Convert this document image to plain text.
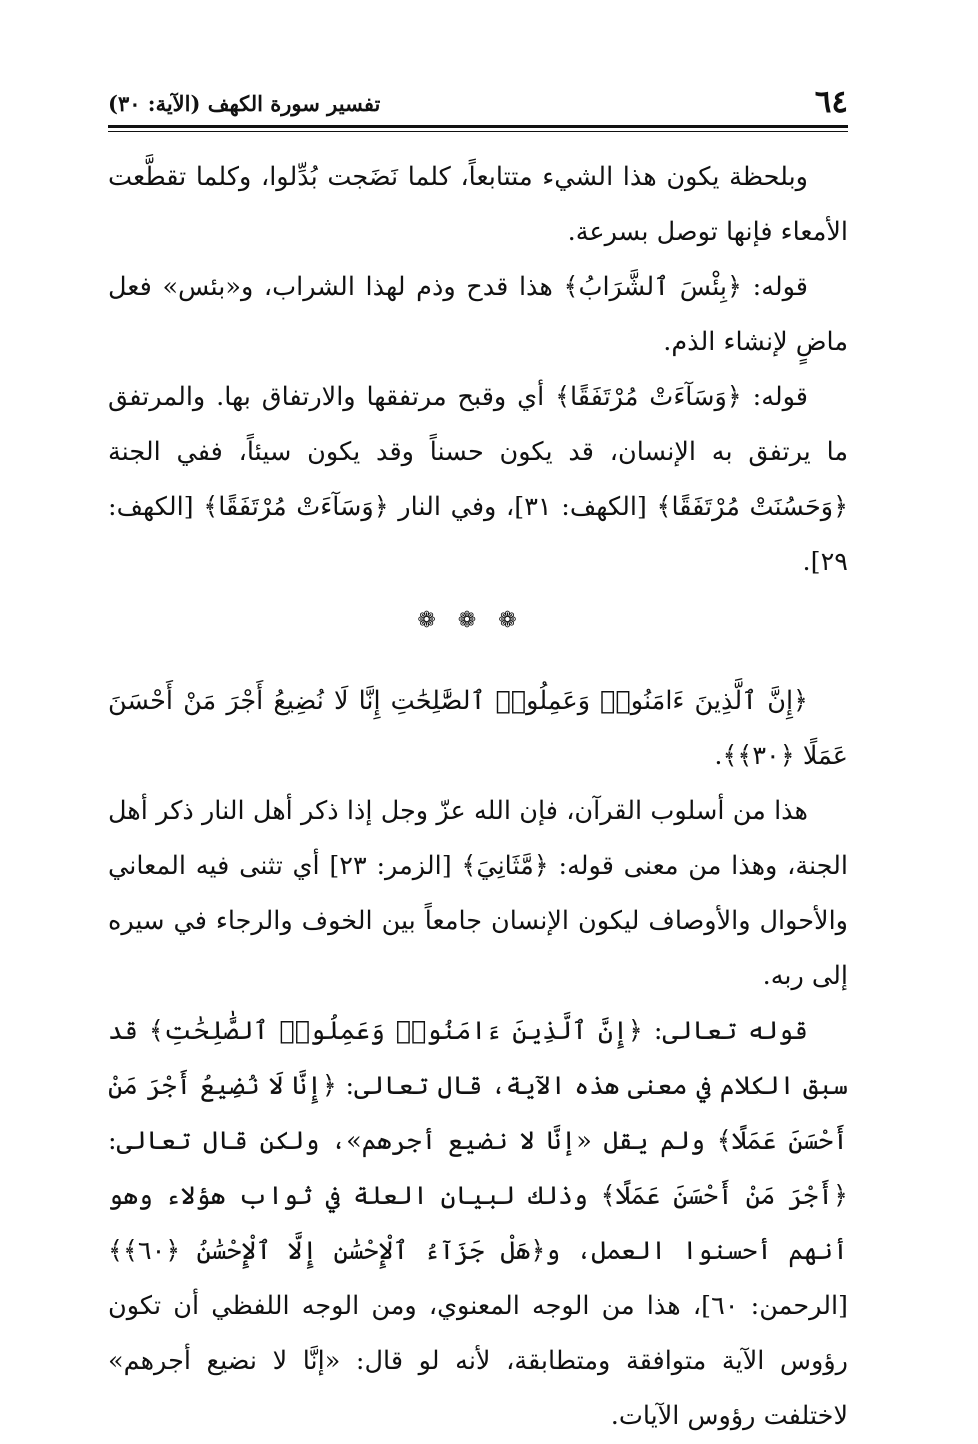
٦٤
تفسير سورة الكهف (الآية: ٣٠)

وبلحظة يكون هذا الشيء متتابعاً، كلما نَضَجت بُدِّلوا، وكلما تقطَّعت الأمعاء فإنها توصل بسرعة.

قوله: ﴿بِئْسَ ٱلشَّرَابُ﴾ هذا قدح وذم لهذا الشراب، و«بئس» فعل ماضٍ لإنشاء الذم.

قوله: ﴿وَسَآءَتْ مُرْتَفَقًا﴾ أي وقبح مرتفقها والارتفاق بها. والمرتفق ما يرتفق به الإنسان، قد يكون حسناً وقد يكون سيئاً، ففي الجنة ﴿وَحَسُنَتْ مُرْتَفَقًا﴾ [الكهف: ٣١]، وفي النار ﴿وَسَآءَتْ مُرْتَفَقًا﴾ [الكهف: ٢٩].

❁❁❁

﴿إِنَّ ٱلَّذِينَ ءَامَنُوا۟ وَعَمِلُوا۟ ٱلصَّٰلِحَٰتِ إِنَّا لَا نُضِيعُ أَجْرَ مَنْ أَحْسَنَ عَمَلًا ﴿٣٠﴾﴾.

هذا من أسلوب القرآن، فإن الله عزّ وجل إذا ذكر أهل النار ذكر أهل الجنة، وهذا من معنى قوله: ﴿مَّثَانِيَ﴾ [الزمر: ٢٣] أي تثنى فيه المعاني والأحوال والأوصاف ليكون الإنسان جامعاً بين الخوف والرجاء في سيره إلى ربه.

قوله تعالى: ﴿إِنَّ ٱلَّذِينَ ءَامَنُوا۟ وَعَمِلُوا۟ ٱلصَّٰلِحَٰتِ﴾ قد سبق الكلام في معنى هذه الآية، قال تعالى: ﴿إِنَّا لَا نُضِيعُ أَجْرَ مَنْ أَحْسَنَ عَمَلًا﴾ ولم يقل «إنَّا لا نضيع أجرهم»، ولكن قال تعالى: ﴿أَجْرَ مَنْ أَحْسَنَ عَمَلًا﴾ وذلك لبيان العلة في ثواب هؤلاء وهو أنهم أحسنوا العمل، و﴿هَلْ جَزَآءُ ٱلْإِحْسَٰنِ إِلَّا ٱلْإِحْسَٰنُ ﴿٦٠﴾﴾ [الرحمن: ٦٠]، هذا من الوجه المعنوي، ومن الوجه اللفظي أن تكون رؤوس الآية متوافقة ومتطابقة، لأنه لو قال: «إنَّا لا نضيع أجرهم» لاختلفت رؤوس الآيات.
